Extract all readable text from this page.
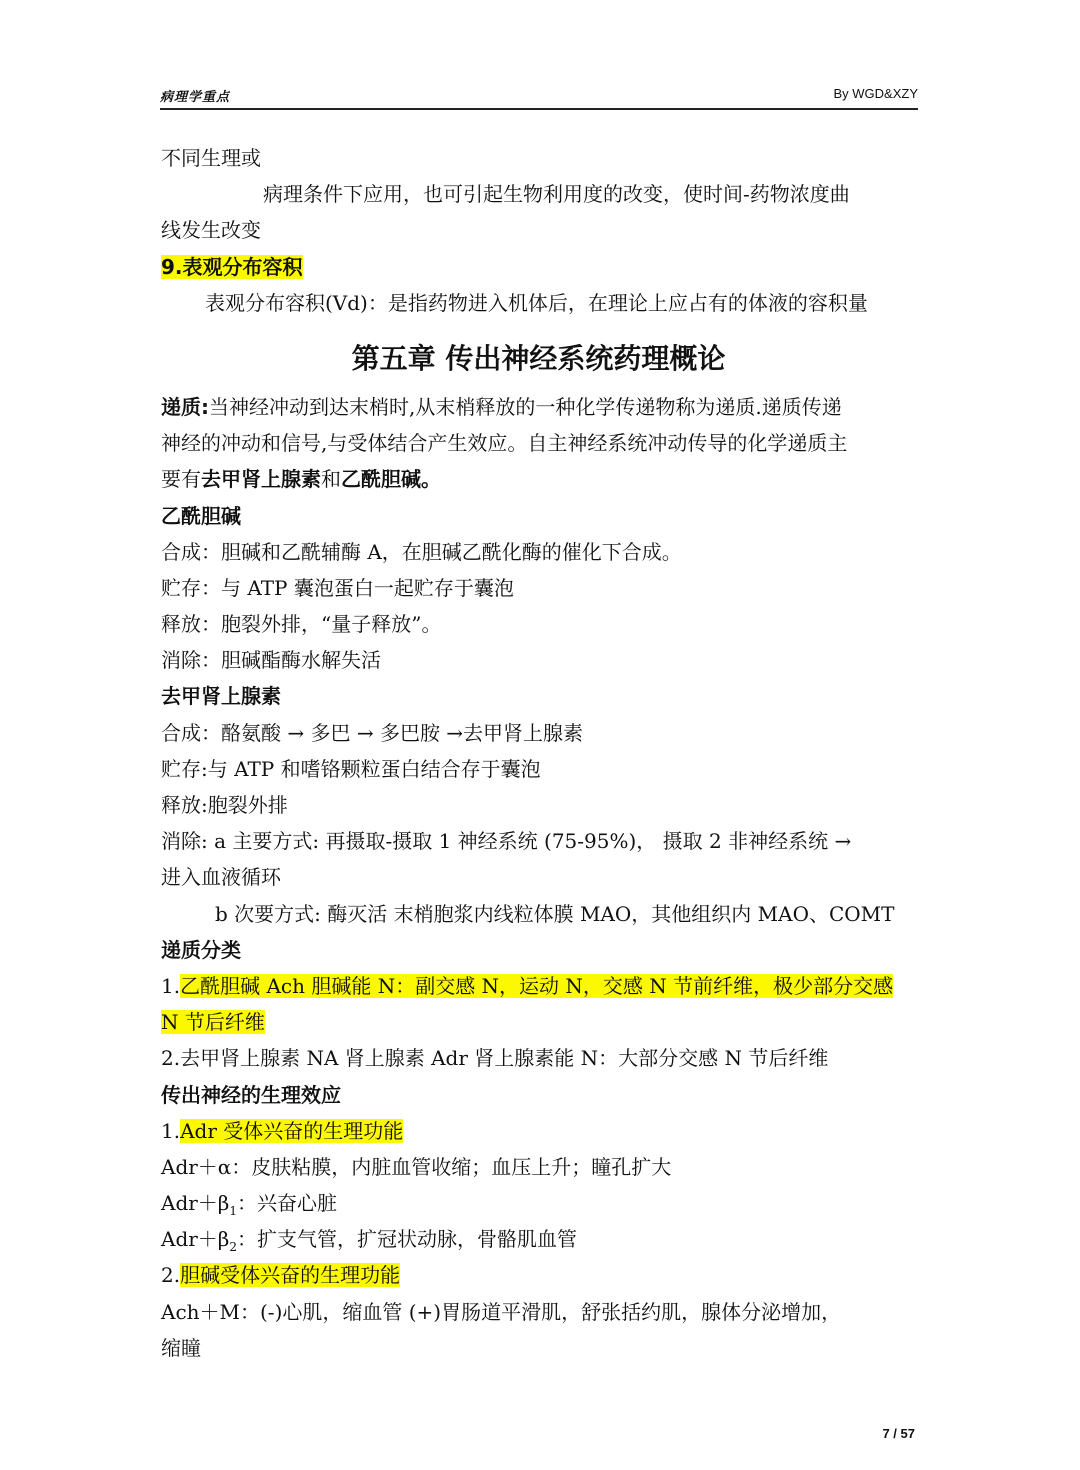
病理学重点	By WGD&XZY
不同生理或
病理条件下应用，也可引起生物利用度的改变，使时间-药物浓度曲
线发生改变
9.表观分布容积
表观分布容积(Vd)：是指药物进入机体后，在理论上应占有的体液的容积量
第五章 传出神经系统药理概论
递质:当神经冲动到达末梢时,从末梢释放的一种化学传递物称为递质.递质传递
神经的冲动和信号,与受体结合产生效应。自主神经系统冲动传导的化学递质主
要有去甲肾上腺素和乙酰胆碱。
乙酰胆碱
合成：胆碱和乙酰辅酶 A，在胆碱乙酰化酶的催化下合成。
贮存：与 ATP 囊泡蛋白一起贮存于囊泡
释放：胞裂外排，“量子释放”。
消除：胆碱酯酶水解失活
去甲肾上腺素
合成：酪氨酸 → 多巴 → 多巴胺 →去甲肾上腺素
贮存:与 ATP 和嗜铬颗粒蛋白结合存于囊泡
释放:胞裂外排
消除: a 主要方式: 再摄取-摄取 1 神经系统 (75-95%)， 摄取 2 非神经系统 →
进入血液循环
b 次要方式: 酶灭活 末梢胞浆内线粒体膜 MAO，其他组织内 MAO、COMT
递质分类
1.乙酰胆碱 Ach 胆碱能 N：副交感 N，运动 N，交感 N 节前纤维，极少部分交感
N 节后纤维
2.去甲肾上腺素 NA 肾上腺素 Adr 肾上腺素能 N：大部分交感 N 节后纤维
传出神经的生理效应
1.Adr 受体兴奋的生理功能
Adr＋α：皮肤粘膜，内脏血管收缩；血压上升；瞳孔扩大
$Adr+\beta_1$：兴奋心脏
$Adr+\beta_2$：扩支气管，扩冠状动脉，骨骼肌血管
2.胆碱受体兴奋的生理功能
Ach＋M：(-)心肌，缩血管 (+)胃肠道平滑肌，舒张括约肌，腺体分泌增加，
缩瞳
7 / 57
